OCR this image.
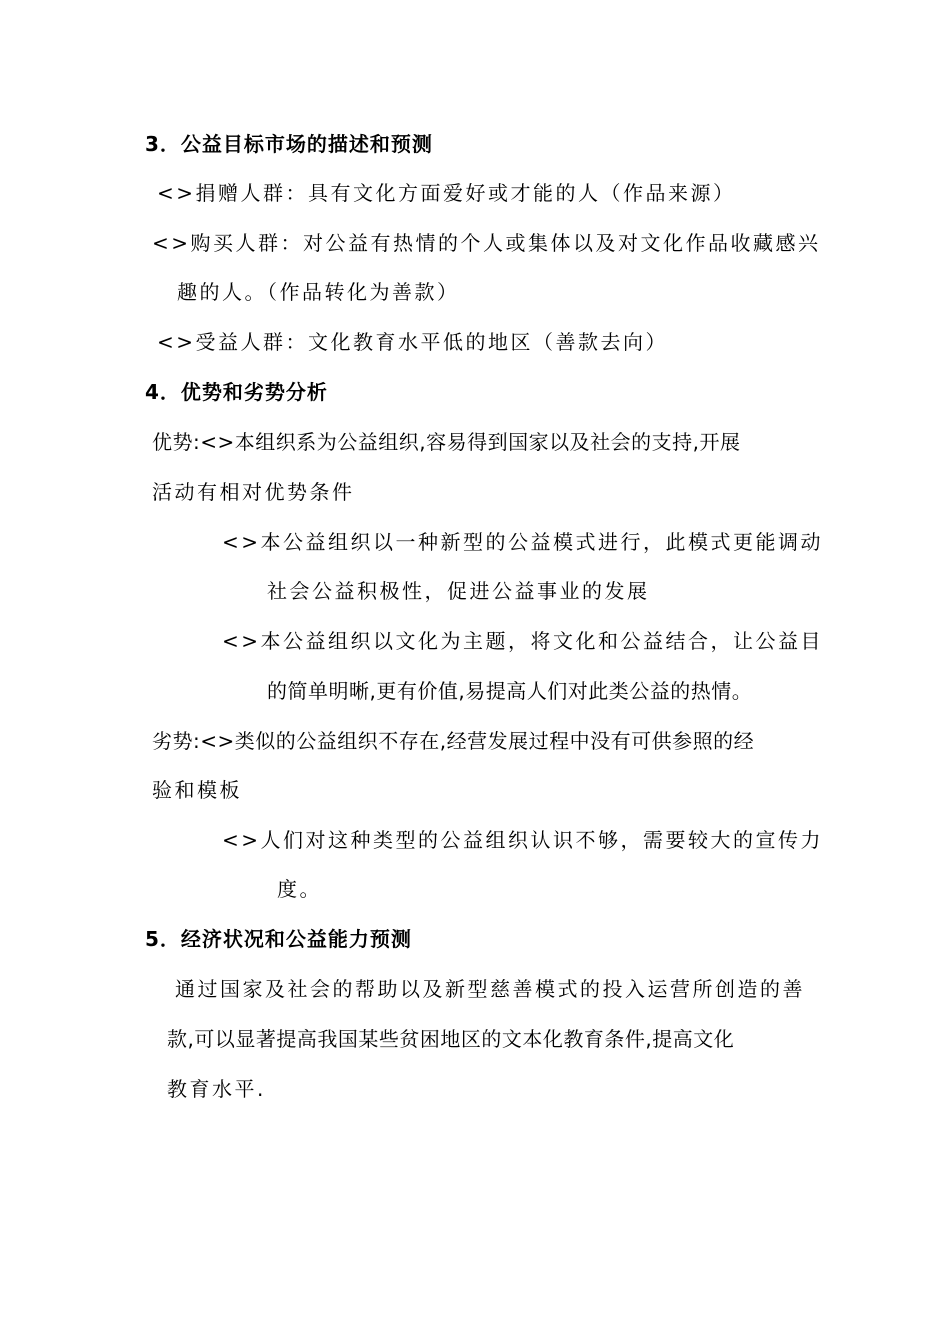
3．公益目标市场的描述和预测
<>捐赠人群：具有文化方面爱好或才能的人（作品来源）
<>购买人群：对公益有热情的个人或集体以及对文化作品收藏感兴
趣的人。（作品转化为善款）
<>受益人群：文化教育水平低的地区（善款去向）
4．优势和劣势分析
优势:<>本组织系为公益组织,容易得到国家以及社会的支持,开展
活动有相对优势条件
<>本公益组织以一种新型的公益模式进行，此模式更能调动
社会公益积极性，促进公益事业的发展
<>本公益组织以文化为主题，将文化和公益结合，让公益目
的简单明晰,更有价值,易提高人们对此类公益的热情。
劣势:<>类似的公益组织不存在,经营发展过程中没有可供参照的经
验和模板
<>人们对这种类型的公益组织认识不够，需要较大的宣传力
度。
5．经济状况和公益能力预测
通过国家及社会的帮助以及新型慈善模式的投入运营所创造的善
款,可以显著提高我国某些贫困地区的文本化教育条件,提高文化
教育水平.
